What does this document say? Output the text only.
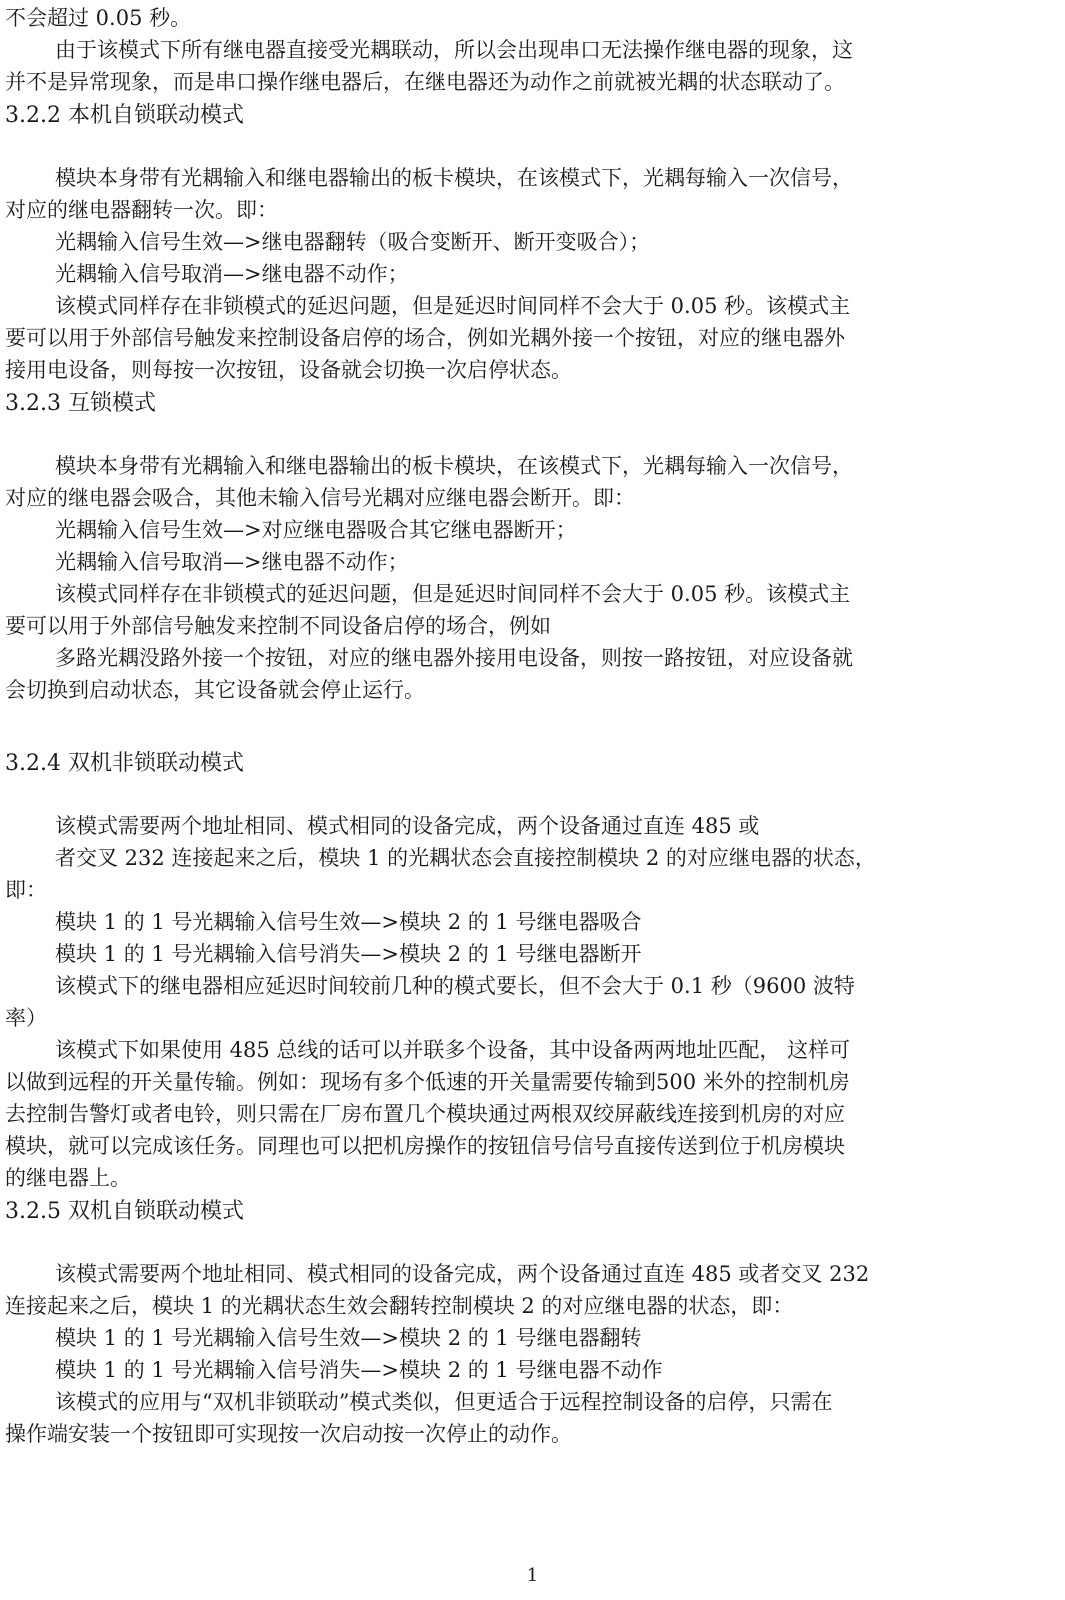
不会超过 0.05 秒。
由于该模式下所有继电器直接受光耦联动，所以会出现串口无法操作继电器的现象，这
并不是异常现象，而是串口操作继电器后，在继电器还为动作之前就被光耦的状态联动了。
3.2.2 本机自锁联动模式
模块本身带有光耦输入和继电器输出的板卡模块，在该模式下，光耦每输入一次信号，
对应的继电器翻转一次。即：
光耦输入信号生效—>继电器翻转（吸合变断开、断开变吸合）；
光耦输入信号取消—>继电器不动作；
该模式同样存在非锁模式的延迟问题，但是延迟时间同样不会大于 0.05 秒。该模式主
要可以用于外部信号触发来控制设备启停的场合，例如光耦外接一个按钮，对应的继电器外
接用电设备，则每按一次按钮，设备就会切换一次启停状态。
3.2.3 互锁模式
模块本身带有光耦输入和继电器输出的板卡模块，在该模式下，光耦每输入一次信号，
对应的继电器会吸合，其他未输入信号光耦对应继电器会断开。即：
光耦输入信号生效—>对应继电器吸合其它继电器断开；
光耦输入信号取消—>继电器不动作；
该模式同样存在非锁模式的延迟问题，但是延迟时间同样不会大于 0.05 秒。该模式主
要可以用于外部信号触发来控制不同设备启停的场合，例如
多路光耦没路外接一个按钮，对应的继电器外接用电设备，则按一路按钮，对应设备就
会切换到启动状态，其它设备就会停止运行。
3.2.4 双机非锁联动模式
该模式需要两个地址相同、模式相同的设备完成，两个设备通过直连 485 或
者交叉 232 连接起来之后，模块 1 的光耦状态会直接控制模块 2 的对应继电器的状态，
即：
模块 1 的 1 号光耦输入信号生效—>模块 2 的 1 号继电器吸合
模块 1 的 1 号光耦输入信号消失—>模块 2 的 1 号继电器断开
该模式下的继电器相应延迟时间较前几种的模式要长，但不会大于 0.1 秒（9600 波特
率）
该模式下如果使用 485 总线的话可以并联多个设备，其中设备两两地址匹配， 这样可
以做到远程的开关量传输。例如：现场有多个低速的开关量需要传输到500 米外的控制机房
去控制告警灯或者电铃，则只需在厂房布置几个模块通过两根双绞屏蔽线连接到机房的对应
模块，就可以完成该任务。同理也可以把机房操作的按钮信号信号直接传送到位于机房模块
的继电器上。
3.2.5 双机自锁联动模式
该模式需要两个地址相同、模式相同的设备完成，两个设备通过直连 485 或者交叉 232
连接起来之后，模块 1 的光耦状态生效会翻转控制模块 2 的对应继电器的状态，即：
模块 1 的 1 号光耦输入信号生效—>模块 2 的 1 号继电器翻转
模块 1 的 1 号光耦输入信号消失—>模块 2 的 1 号继电器不动作
该模式的应用与“双机非锁联动”模式类似，但更适合于远程控制设备的启停，只需在
操作端安装一个按钮即可实现按一次启动按一次停止的动作。
1
